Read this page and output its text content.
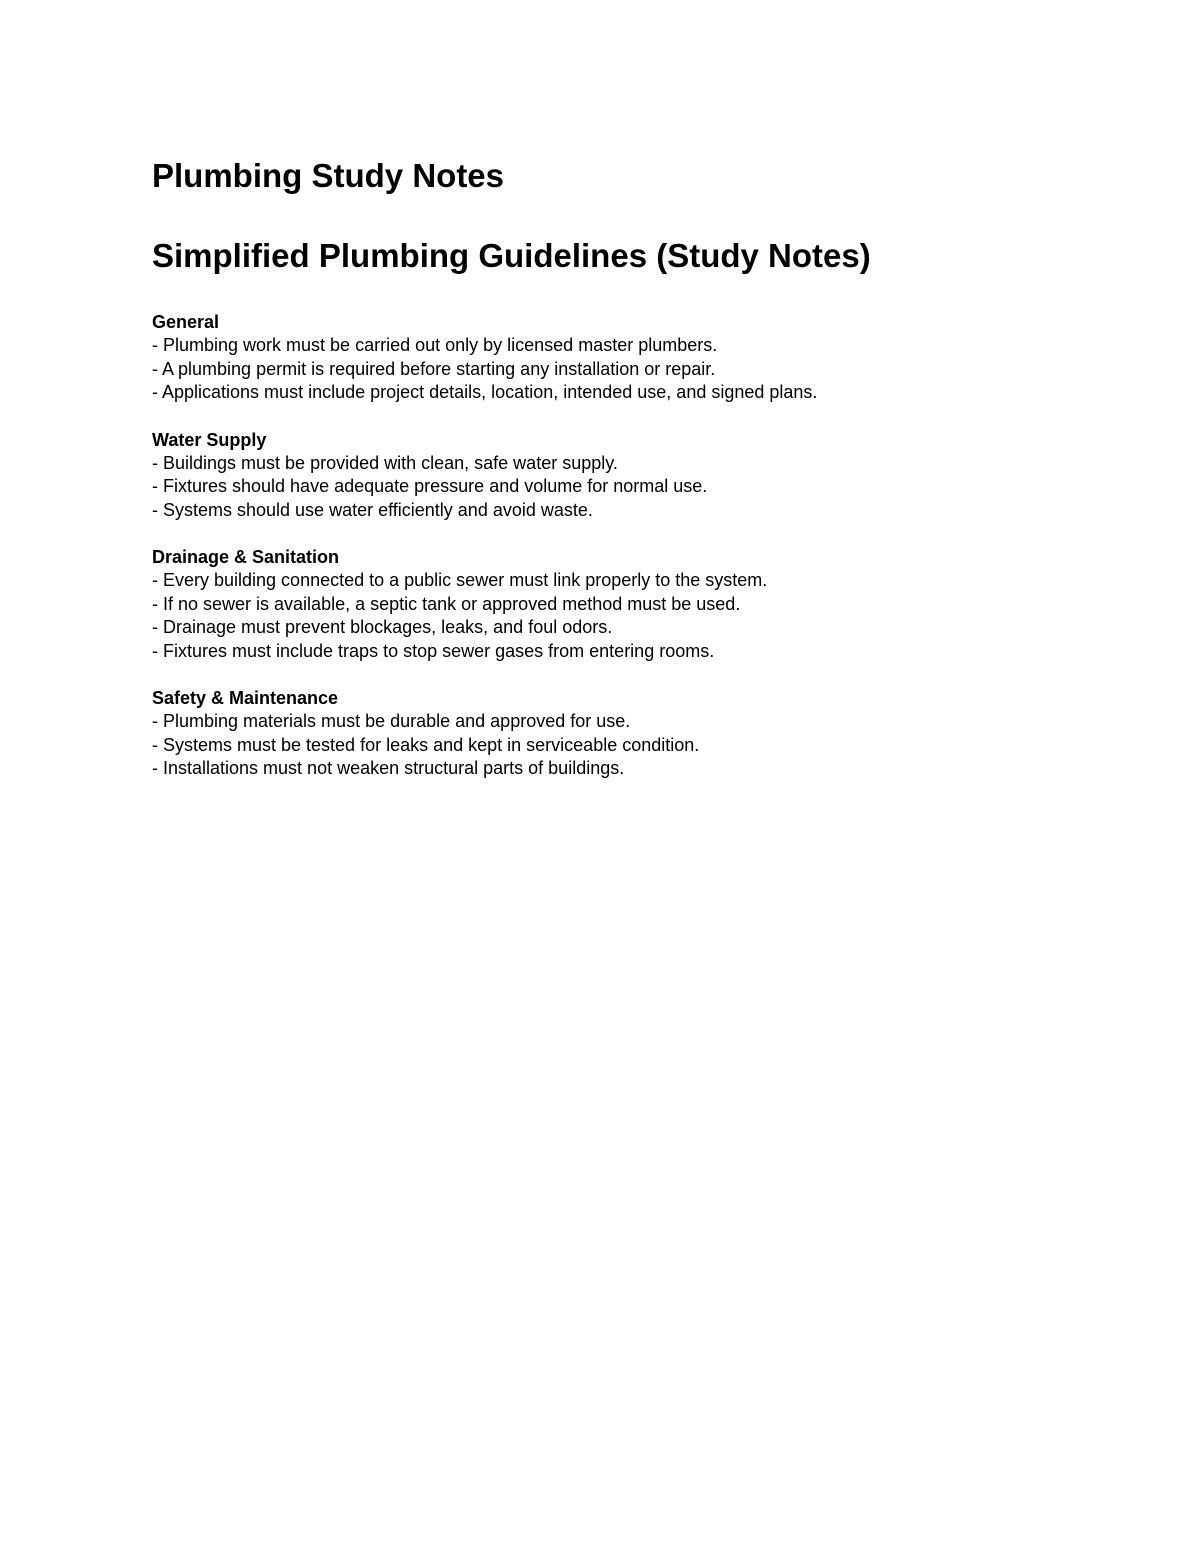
Plumbing Study Notes
Simplified Plumbing Guidelines (Study Notes)

General

- Plumbing work must be carried out only by licensed master plumbers.

- A plumbing permit is required before starting any installation or repair.

- Applications must include project details, location, intended use, and signed plans.

Water Supply

- Buildings must be provided with clean, safe water supply.

- Fixtures should have adequate pressure and volume for normal use.

- Systems should use water efficiently and avoid waste.

Drainage & Sanitation

- Every building connected to a public sewer must link properly to the system.

- If no sewer is available, a septic tank or approved method must be used.

- Drainage must prevent blockages, leaks, and foul odors.

- Fixtures must include traps to stop sewer gases from entering rooms.

Safety & Maintenance

- Plumbing materials must be durable and approved for use.

- Systems must be tested for leaks and kept in serviceable condition.

- Installations must not weaken structural parts of buildings.
